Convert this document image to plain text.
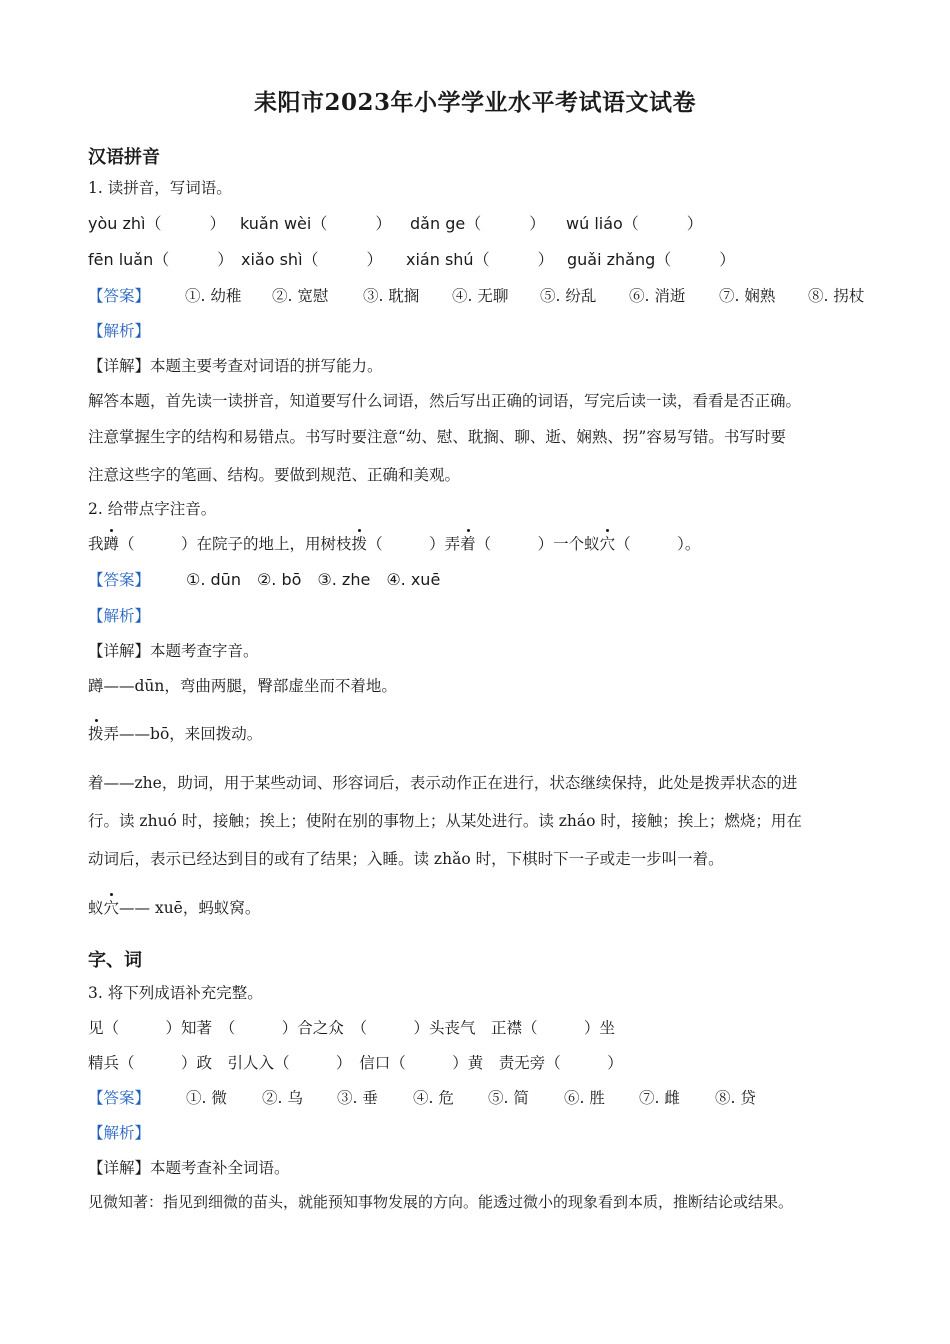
耒阳市2023年小学学业水平考试语文试卷
汉语拼音
1. 读拼音，写词语。
yòu zhì（　　　） kuǎn wèi（　　　） dǎn ge（　　　） wú liáo（　　　）
fēn luǎn（　　　） xiǎo shì（　　　） xián shú（　　　） guǎi zhǎng（　　　）
【答案】 ①. 幼稚 ②. 宽慰 ③. 耽搁 ④. 无聊 ⑤. 纷乱 ⑥. 消逝 ⑦. 娴熟 ⑧. 拐杖
【解析】
【详解】本题主要考查对词语的拼写能力。
解答本题，首先读一读拼音，知道要写什么词语，然后写出正确的词语，写完后读一读，看看是否正确。
注意掌握生字的结构和易错点。书写时要注意“幼、慰、耽搁、聊、逝、娴熟、拐”容易写错。书写时要
注意这些字的笔画、结构。要做到规范、正确和美观。
2. 给带点字注音。
我蹲（　　　）在院子的地上，用树枝拨（　　　）弄着（　　　）一个蚁穴（　　　）。
【答案】 ①. dūn　②. bō　③. zhe　④. xuē
【解析】
【详解】本题考查字音。
蹲——dūn，弯曲两腿，臀部虚坐而不着地。
拨弄——bō，来回拨动。
着——zhe，助词，用于某些动词、形容词后，表示动作正在进行，状态继续保持，此处是拨弄状态的进
行。读 zhuó 时，接触；挨上；使附在别的事物上；从某处进行。读 zháo 时，接触；挨上；燃烧；用在
动词后，表示已经达到目的或有了结果；入睡。读 zhǎo 时，下棋时下一子或走一步叫一着。
蚁穴—— xuē，蚂蚁窝。
字、词
3. 将下列成语补充完整。
见（　　　）知著　（　　　）合之众　（　　　）头丧气　正襟（　　　）坐
精兵（　　　）政　引人入（　　　）　信口（　　　）黄　责无旁（　　　）
【答案】 ①. 微 ②. 乌 ③. 垂 ④. 危 ⑤. 简 ⑥. 胜 ⑦. 雌 ⑧. 贷
【解析】
【详解】本题考查补全词语。
见微知著：指见到细微的苗头，就能预知事物发展的方向。能透过微小的现象看到本质，推断结论或结果。
